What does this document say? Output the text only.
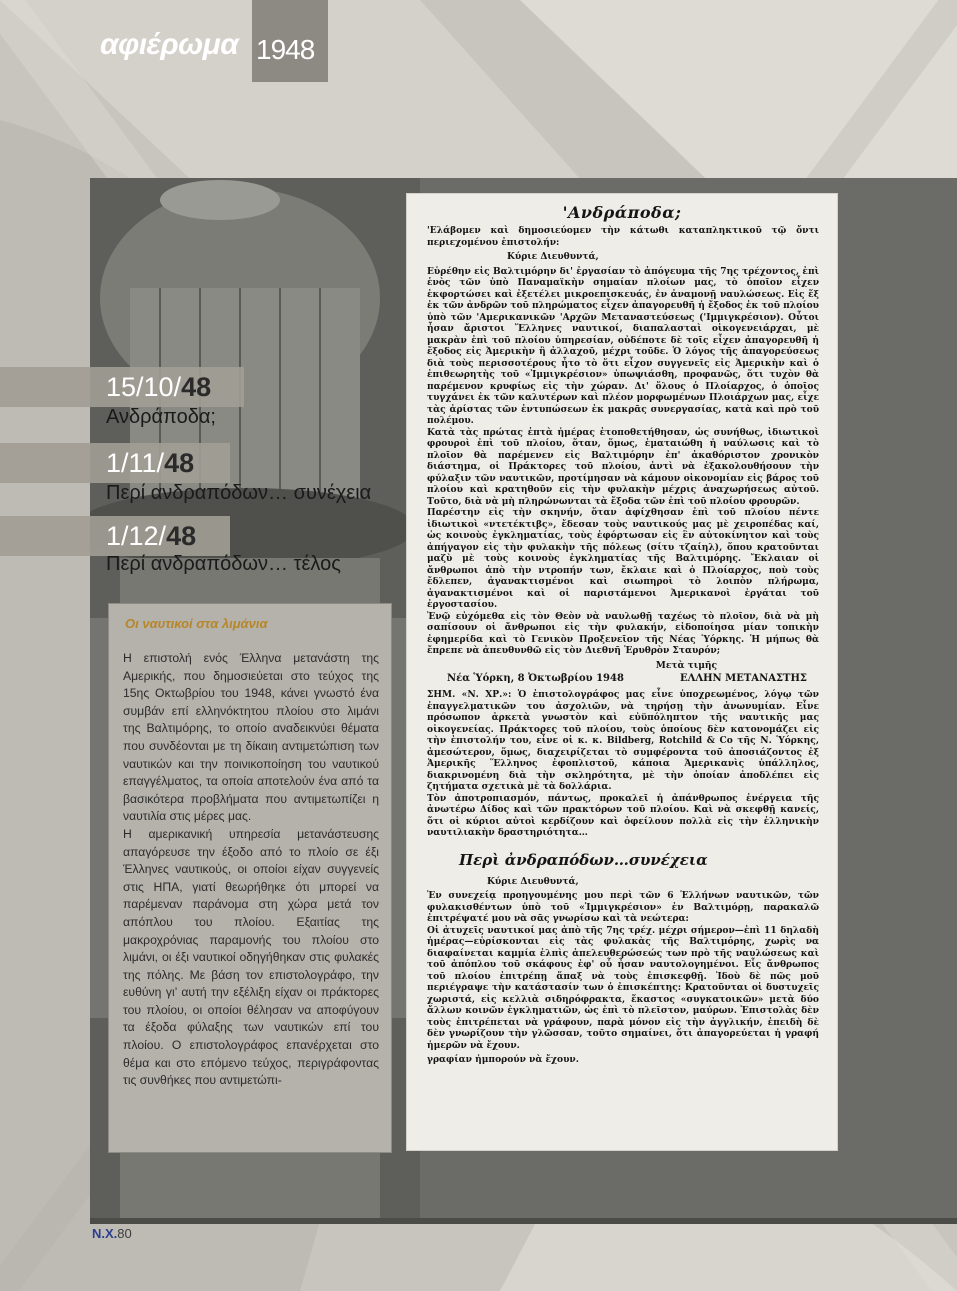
αφιέρωμα 1948
15/10/48
Ανδράποδα;
1/11/48
Περί ανδραπόδων… συνέχεια
1/12/48
Περί ανδραπόδων… τέλος
Οι ναυτικοί στα λιμάνια

Η επιστολή ενός Έλληνα μετανάστη της Αμερικής, που δημοσιεύεται στο τεύχος της 15ης Οκτωβρίου του 1948, κάνει γνωστό ένα συμβάν επί ελληνόκτητου πλοίου στο λιμάνι της Βαλτιμόρης, το οποίο αναδεικνύει θέματα που συνδέονται με τη δίκαιη αντιμετώπιση των ναυτικών και την ποινικοποίηση του ναυτικού επαγγέλματος, τα οποία αποτελούν ένα από τα βασικότερα προβλήματα που αντιμετωπίζει η ναυτιλία στις μέρες μας.

Η αμερικανική υπηρεσία μετανάστευσης απαγόρευσε την έξοδο από το πλοίο σε έξι Έλληνες ναυτικούς, οι οποίοι είχαν συγγενείς στις ΗΠΑ, γιατί θεωρήθηκε ότι μπορεί να παρέμεναν παράνομα στη χώρα μετά τον απόπλου του πλοίου. Εξαιτίας της μακροχρόνιας παραμονής του πλοίου στο λιμάνι, οι έξι ναυτικοί οδηγήθηκαν στις φυλακές της πόλης. Με βάση τον επιστολογράφο, την ευθύνη γι’ αυτή την εξέλιξη είχαν οι πράκτορες του πλοίου, οι οποίοι θέλησαν να αποφύγουν τα έξοδα φύλαξης των ναυτικών επί του πλοίου. Ο επιστολογράφος επανέρχεται στο θέμα και στο επόμενο τεύχος, περιγράφοντας τις συνθήκες που αντιμετώπι-

'Ανδράποδα;
'Ελάβομεν καὶ δημοσιεύομεν τὴν κάτωθι καταπληκτικοῦ τῷ ὄντι περιεχομένου ἐπιστολήν:
Κύριε Διευθυντά,
Εὑρέθην εἰς Βαλτιμόρην δι' ἐργασίαν τὸ ἀπόγευμα τῆς 7ης τρέχοντος, ἐπὶ ἑνὸς τῶν ὑπὸ Παναμαϊκὴν σημαίαν πλοίων μας, τὸ ὁποῖον εἶχεν ἐκφορτώσει καὶ ἐξετέλει μικροεπισκευάς, ἐν ἀναμονῇ ναυλώσεως. Εἰς ἕξ ἐκ τῶν ἀνδρῶν τοῦ πληρώματος εἶχεν ἀπαγορευθῆ ἡ ἔξοδος ἐκ τοῦ πλοίου ὑπὸ τῶν 'Αμερικανικῶν 'Αρχῶν Μεταναστεύσεως ('Ιμμιγκρέσιον). Οὗτοι ἦσαν ἄριστοι Ἕλληνες ναυτικοί, διαπαλασταὶ οἰκογενειάρχαι, μὲ μακρὰν ἐπὶ τοῦ πλοίου ὑπηρεσίαν, οὐδέποτε δὲ τοῖς εἶχεν ἀπαγορευθῆ ἡ ἔξοδος εἰς Ἀμερικὴν ἢ ἀλλαχοῦ, μέχρι τοῦδε. Ὁ λόγος τῆς ἀπαγορεύσεως διὰ τοὺς περισσοτέρους ἦτο τὸ ὅτι εἶχον συγγενεῖς εἰς Ἀμερικὴν καὶ ὁ ἐπιθεωρητὴς τοῦ «Ἰμμιγκρέσιον» ὑπωψιάσθη, προφανῶς, ὅτι τυχὸν θὰ παρέμενον κρυφίως εἰς τὴν χώραν. Δι' ὅλους ὁ Πλοίαρχος, ὁ ὁποῖος τυγχάνει ἐκ τῶν καλυτέρων καὶ πλέον μορφωμένων Πλοιάρχων μας, εἶχε τὰς ἀρίστας τῶν ἐντυπώσεων ἐκ μακρᾶς συνεργασίας, κατὰ καὶ πρὸ τοῦ πολέμου.
Κατὰ τὰς πρώτας ἑπτὰ ἡμέρας ἐτοποθετήθησαν, ὡς συνήθως, ἰδιωτικοὶ φρουροὶ ἐπὶ τοῦ πλοίου, ὅταν, ὅμως, ἐματαιώθη ἡ ναύλωσις καὶ τὸ πλοῖον θὰ παρέμενεν εἰς Βαλτιμόρην ἐπ' ἀκαθόριστον χρονικὸν διάστημα, οἱ Πράκτορες τοῦ πλοίου, ἀντὶ νὰ ἐξακολουθήσουν τὴν φύλαξιν τῶν ναυτικῶν, προτίμησαν νὰ κάμουν οἰκονομίαν εἰς βάρος τοῦ πλοίου καὶ κρατηθοῦν εἰς τὴν φυλακὴν μέχρις ἀναχωρήσεως αὐτοῦ. Τοῦτο, διὰ νὰ μὴ πληρώνωνται τὰ ἔξοδα τῶν ἐπὶ τοῦ πλοίου φρουρῶν.
Παρέστην εἰς τὴν σκηνήν, ὅταν ἀφίχθησαν ἐπὶ τοῦ πλοίου πέντε ἰδιωτικοὶ «ντετέκτιβς», ἔδεσαν τοὺς ναυτικούς μας μὲ χειροπέδας καί, ὡς κοινοὺς ἐγκληματίας, τοὺς ἐφόρτωσαν εἰς ἓν αὐτοκίνητον καὶ τοὺς ἀπήγαγον εἰς τὴν φυλακὴν τῆς πόλεως (σίτυ τζαίηλ), ὅπου κρατοῦνται μαζὺ μὲ τοὺς κοινοὺς ἐγκληματίας τῆς Βαλτιμόρης. Ἔκλαιαν οἱ ἄνθρωποι ἀπὸ τὴν ντροπήν των, ἔκλαιε καὶ ὁ Πλοίαρχος, ποὺ τοὺς ἔδλεπεν, ἀγανακτισμένοι καὶ σιωπηροὶ τὸ λοιπὸν πλήρωμα, ἀγανακτισμένοι καὶ οἱ παριστάμενοι Ἀμερικανοὶ ἐργάται τοῦ ἐργοστασίου.
Ἐνῷ εὐχόμεθα εἰς τὸν Θεὸν νὰ ναυλωθῇ ταχέως τὸ πλοῖον, διὰ νὰ μὴ σαπίσουν οἱ ἄνθρωποι εἰς τὴν φυλακήν, εἰδοποίησα μίαν τοπικὴν ἐφημερίδα καὶ τὸ Γενικὸν Προξενεῖον τῆς Νέας Ὑόρκης. Ἡ μήπως θὰ ἔπρεπε νὰ ἀπευθυνθῶ εἰς τὸν Διεθνῆ Ἐρυθρὸν Σταυρόν;
Μετὰ τιμῆς
Νέα Ὑόρκη, 8 Ὀκτωβρίου 1948	ΕΛΛΗΝ ΜΕΤΑΝΑΣΤΗΣ
ΣΗΜ. «Ν. ΧΡ.»: Ὁ ἐπιστολογράφος μας εἶνε ὑποχρεωμένος, λόγῳ τῶν ἐπαγγελματικῶν του ἀσχολιῶν, νὰ τηρήσῃ τὴν ἀνωνυμίαν. Εἶνε πρόσωπον ἀρκετὰ γνωστὸν καὶ εὐϋπόληπτον τῆς ναυτικῆς μας οἰκογενείας. Πράκτορες τοῦ πλοίου, τοὺς ὁποίους δὲν κατονομάζει εἰς τὴν ἐπιστολήν του, εἶνε οἱ κ. κ. Bildberg, Rotchild & Co τῆς Ν. Ὑόρκης, ἀμεσώτερον, ὅμως, διαχειρίζεται τὸ συμφέροντα τοῦ ἀποσιάζοντος ἐξ Ἀμερικῆς Ἕλληνος ἐφοπλιστοῦ, κάποια Ἀμερικανὶς ὑπάλληλος, διακρινομένη διὰ τὴν σκληρότητα, μὲ τὴν ὁποίαν ἀποδλέπει εἰς ζητήματα σχετικὰ μὲ τὰ δολλάρια.
Τὸν ἀποτροπιασμόν, πάντως, προκαλεῖ ἡ ἀπάνθρωπος ἐνέργεια τῆς ἀνωτέρω Δίδος καὶ τῶν πρακτόρων τοῦ πλοίου. Καὶ νὰ σκεφθῇ κανείς, ὅτι οἱ κύριοι αὐτοὶ κερδίζουν καὶ ὀφείλουν πολλὰ εἰς τὴν ἑλληνικὴν ναυτιλιακὴν δραστηριότητα…
Περὶ ἀνδραπόδων…συνέχεια
Κύριε Διευθυντά,
Ἐν συνεχείᾳ προηγουμένης μου περὶ τῶν 6 Ἑλλήνων ναυτικῶν, τῶν φυλακισθέντων ὑπὸ τοῦ «Ἰμμιγκρέσιον» ἐν Βαλτιμόρῃ, παρακαλῶ ἐπιτρέψατέ μου νὰ σᾶς γνωρίσω καὶ τὰ νεώτερα:
Οἱ ἀτυχεῖς ναυτικοί μας ἀπὸ τῆς 7ης τρέχ. μέχρι σήμερον—ἐπὶ 11 δηλαδὴ ἡμέρας—εὑρίσκονται εἰς τὰς φυλακὰς τῆς Βαλτιμόρης, χωρὶς να διαφαίνεται καμμία ἐλπὶς ἀπελευθερώσεώς των πρὸ τῆς ναυλώσεως καὶ τοῦ ἀπόπλου τοῦ σκάφους ἐφ' οὗ ἦσαν ναυτολογημένοι. Εἷς ἄνθρωπος τοῦ πλοίου ἐπιτρέπῃ ἅπαξ νὰ τοὺς ἐπισκεφθῇ. Ἰδοὺ δὲ πῶς μοῦ περιέγραψε τὴν κατάστασίν των ὁ ἐπισκέπτης: Κρατοῦνται οἱ δυστυχεῖς χωριστά, εἰς κελλιὰ σιδηρόφρακτα, ἕκαστος «συγκατοικῶν» μετὰ δύο ἄλλων κοινῶν ἐγκληματιῶν, ὡς ἐπὶ τὸ πλεῖστον, μαύρων. Ἐπιστολὰς δὲν τοὺς ἐπιτρέπεται νὰ γράφουν, παρὰ μόνον εἰς τὴν ἀγγλικήν, ἐπειδὴ δὲ δὲν γνωρίζουν τὴν γλῶσσαν, τοῦτο σημαίνει, ὅτι ἀπαγορεύεται ἡ γραφή ἡμερῶν νὰ ἔχουν.
γραφίαν ἠμπορούν νὰ ἔχουν.
Ν.Χ.80
